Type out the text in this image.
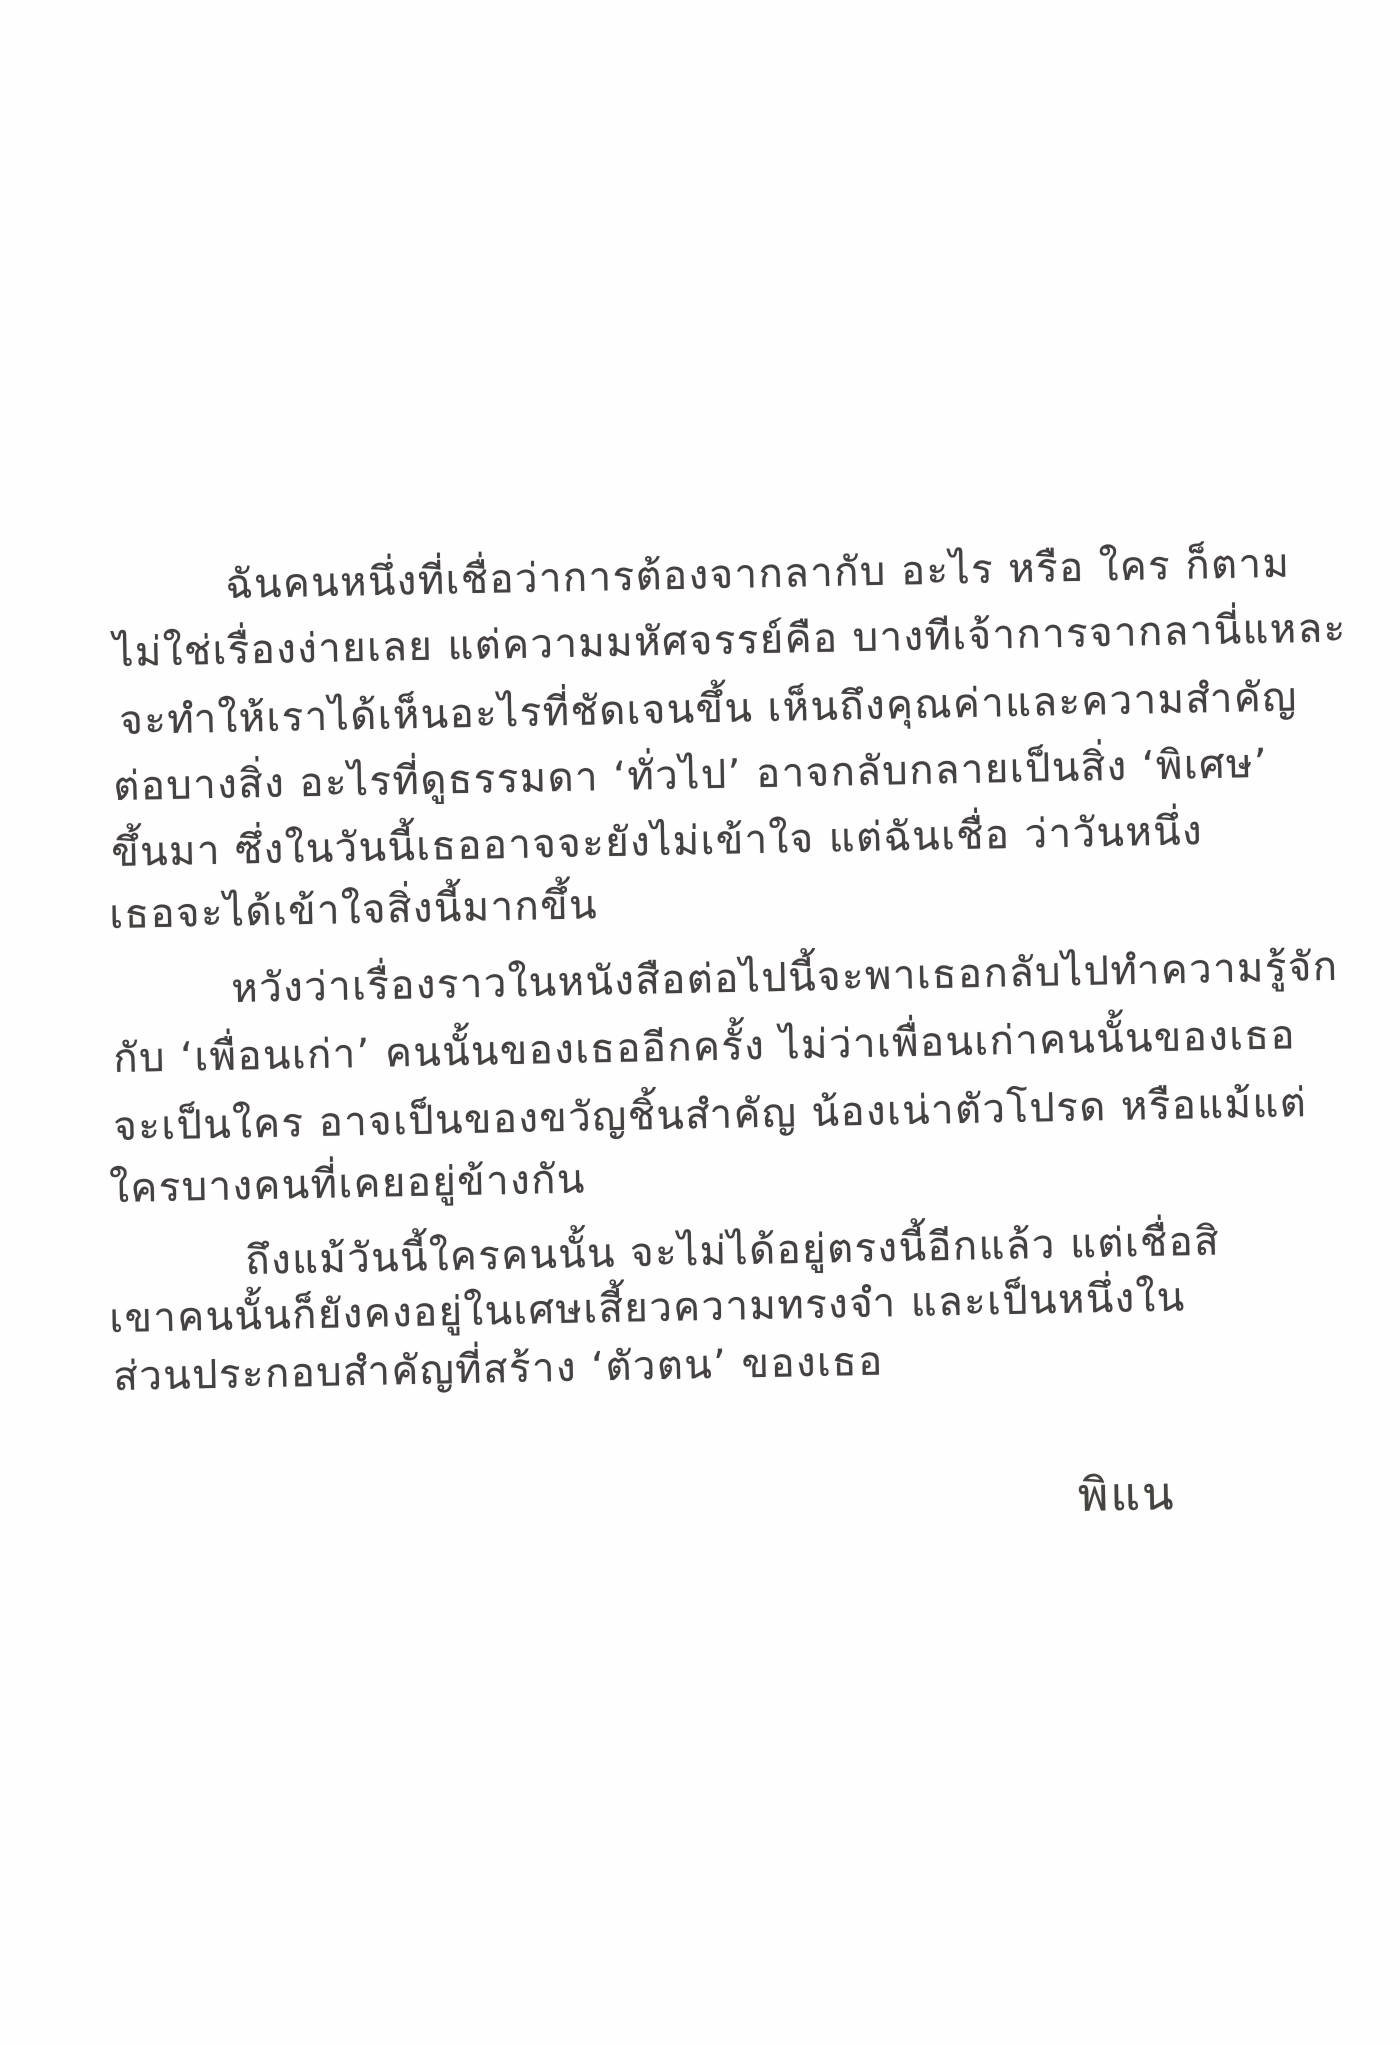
ฉันคนหนึ่งที่เชื่อว่าการต้องจากลากับ อะไร หรือ ใคร ก็ตาม
ไม่ใช่เรื่องง่ายเลย แต่ความมหัศจรรย์คือ บางทีเจ้าการจากลานี่แหละ
จะทำให้เราได้เห็นอะไรที่ชัดเจนขึ้น เห็นถึงคุณค่าและความสำคัญ
ต่อบางสิ่ง อะไรที่ดูธรรมดา ‘ทั่วไป’ อาจกลับกลายเป็นสิ่ง ‘พิเศษ’
ขึ้นมา ซึ่งในวันนี้เธออาจจะยังไม่เข้าใจ แต่ฉันเชื่อ ว่าวันหนึ่ง
เธอจะได้เข้าใจสิ่งนี้มากขึ้น
หวังว่าเรื่องราวในหนังสือต่อไปนี้จะพาเธอกลับไปทำความรู้จัก
กับ ‘เพื่อนเก่า’ คนนั้นของเธออีกครั้ง ไม่ว่าเพื่อนเก่าคนนั้นของเธอ
จะเป็นใคร อาจเป็นของขวัญชิ้นสำคัญ น้องเน่าตัวโปรด หรือแม้แต่
ใครบางคนที่เคยอยู่ข้างกัน
ถึงแม้วันนี้ใครคนนั้น จะไม่ได้อยู่ตรงนี้อีกแล้ว แต่เชื่อสิ
เขาคนนั้นก็ยังคงอยู่ในเศษเสี้ยวความทรงจำ และเป็นหนึ่งใน
ส่วนประกอบสำคัญที่สร้าง ‘ตัวตน’ ของเธอ
พิแน
